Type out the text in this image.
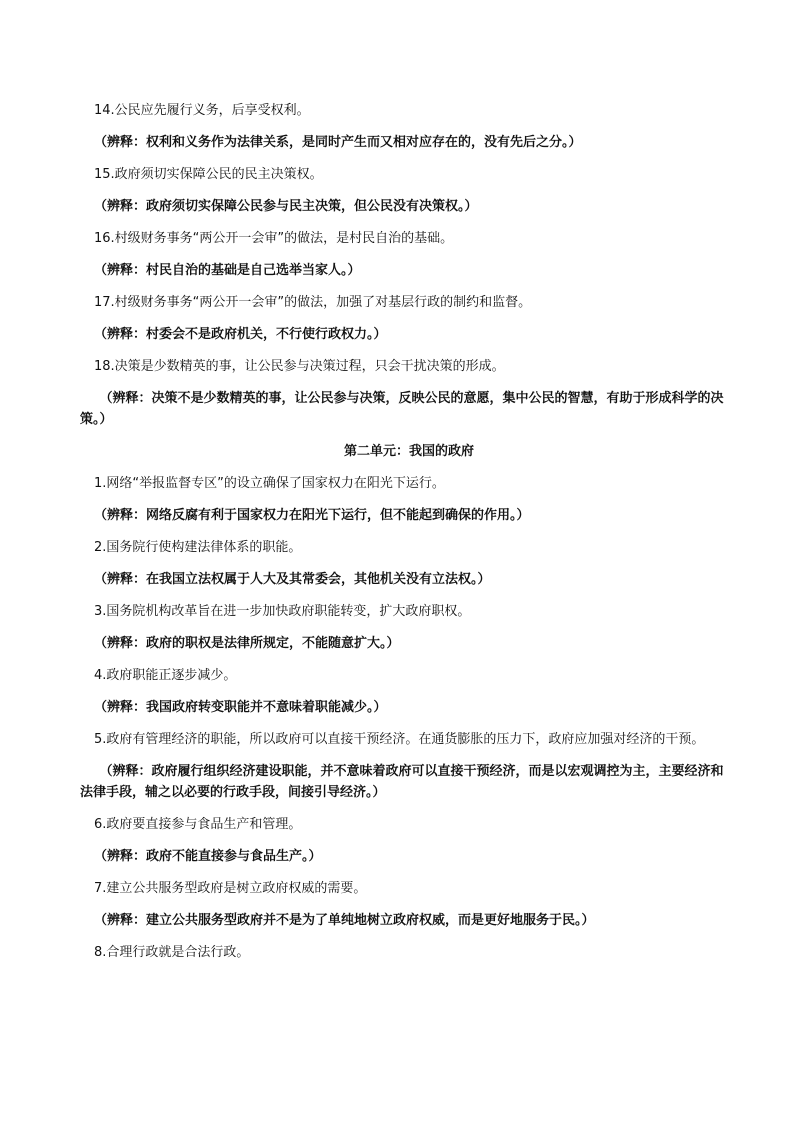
14.公民应先履行义务，后享受权利。

（辨释：权利和义务作为法律关系，是同时产生而又相对应存在的，没有先后之分。）

15.政府须切实保障公民的民主决策权。

（辨释：政府须切实保障公民参与民主决策，但公民没有决策权。）

16.村级财务事务“两公开一会审”的做法，是村民自治的基础。

（辨释：村民自治的基础是自己选举当家人。）

17.村级财务事务“两公开一会审”的做法，加强了对基层行政的制约和监督。

（辨释：村委会不是政府机关，不行使行政权力。）

18.决策是少数精英的事，让公民参与决策过程，只会干扰决策的形成。

（辨释：决策不是少数精英的事，让公民参与决策，反映公民的意愿，集中公民的智慧，有助于形成科学的决策。）

第二单元：我国的政府

1.网络“举报监督专区”的设立确保了国家权力在阳光下运行。

（辨释：网络反腐有利于国家权力在阳光下运行，但不能起到确保的作用。）

2.国务院行使构建法律体系的职能。

（辨释：在我国立法权属于人大及其常委会，其他机关没有立法权。）

3.国务院机构改革旨在进一步加快政府职能转变，扩大政府职权。

（辨释：政府的职权是法律所规定，不能随意扩大。）

4.政府职能正逐步减少。

（辨释：我国政府转变职能并不意味着职能减少。）

5.政府有管理经济的职能，所以政府可以直接干预经济。在通货膨胀的压力下，政府应加强对经济的干预。

（辨释：政府履行组织经济建设职能，并不意味着政府可以直接干预经济，而是以宏观调控为主，主要经济和法律手段，辅之以必要的行政手段，间接引导经济。）

6.政府要直接参与食品生产和管理。

（辨释：政府不能直接参与食品生产。）

7.建立公共服务型政府是树立政府权威的需要。

（辨释：建立公共服务型政府并不是为了单纯地树立政府权威，而是更好地服务于民。）

8.合理行政就是合法行政。
